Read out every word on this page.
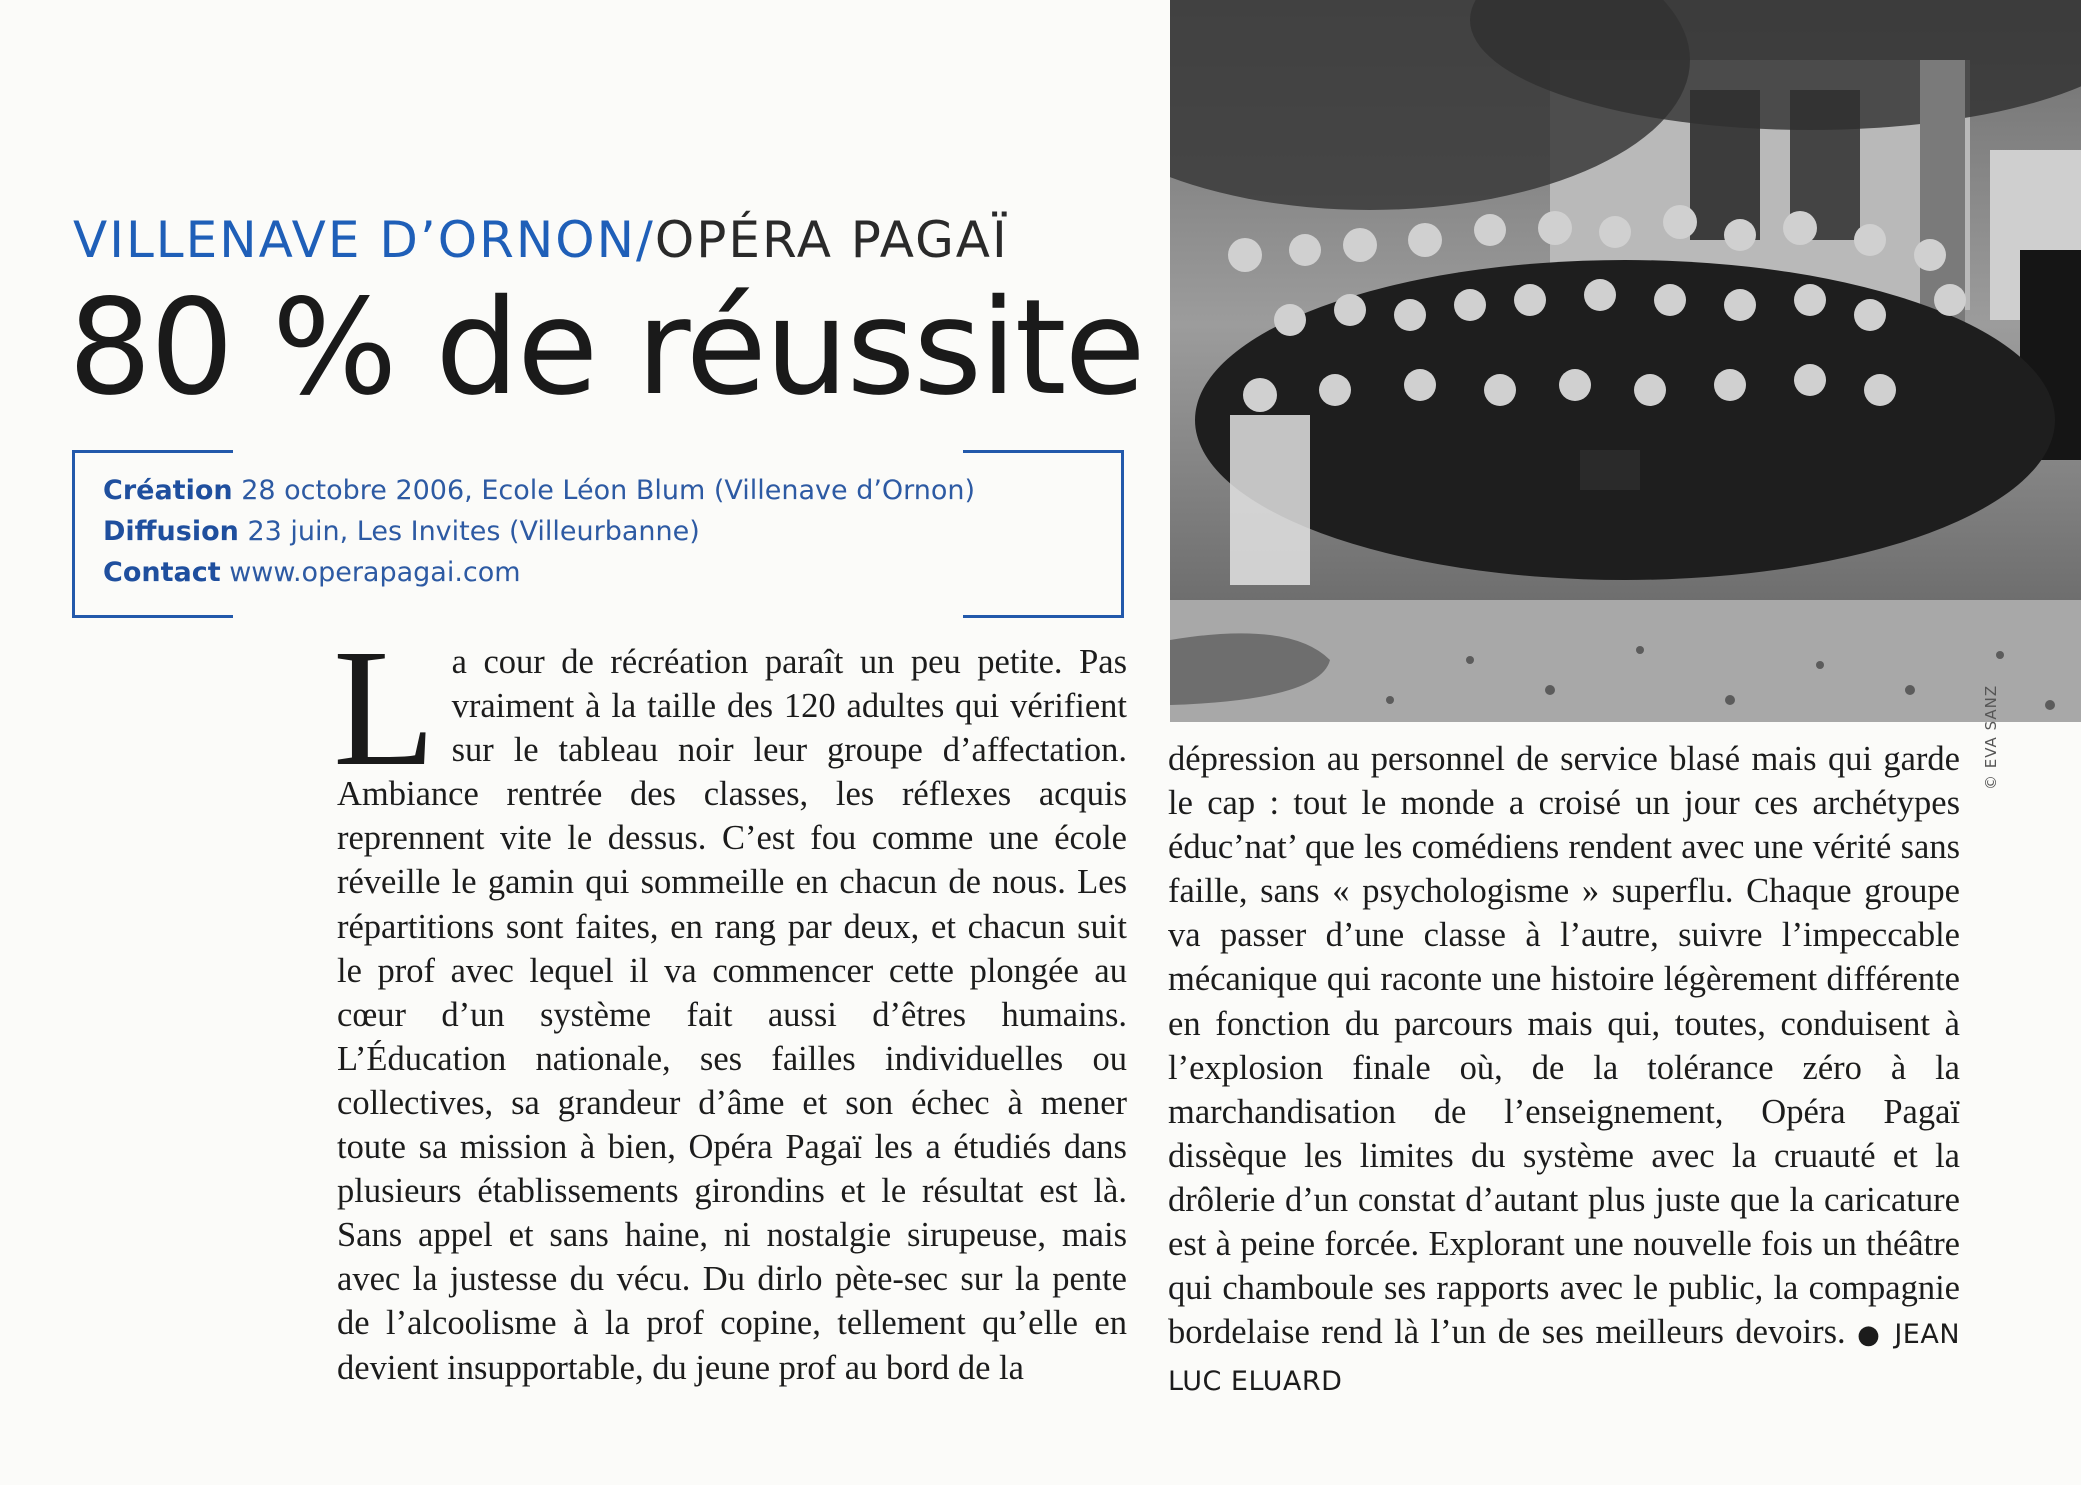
VILLENAVE D’ORNON/OPÉRA PAGAÏ
80 % de réussite
Création 28 octobre 2006, Ecole Léon Blum (Villenave d’Ornon)
Diffusion 23 juin, Les Invites (Villeurbanne)
Contact www.operapagai.com
La cour de récréation paraît un peu petite. Pas vraiment à la taille des 120 adultes qui vérifient sur le tableau noir leur groupe d’affectation. Ambiance rentrée des classes, les réflexes acquis reprennent vite le dessus. C’est fou comme une école réveille le gamin qui sommeille en chacun de nous. Les répartitions sont faites, en rang par deux, et chacun suit le prof avec lequel il va commencer cette plongée au cœur d’un système fait aussi d’êtres humains. L’Éducation nationale, ses failles individuelles ou collectives, sa grandeur d’âme et son échec à mener toute sa mission à bien, Opéra Pagaï les a étudiés dans plusieurs établissements girondins et le résultat est là. Sans appel et sans haine, ni nostalgie sirupeuse, mais avec la justesse du vécu. Du dirlo pète-sec sur la pente de l’alcoolisme à la prof copine, tellement qu’elle en devient insupportable, du jeune prof au bord de la
© EVA SANZ
dépression au personnel de service blasé mais qui garde le cap : tout le monde a croisé un jour ces archétypes éduc’nat’ que les comédiens rendent avec une vérité sans faille, sans « psychologisme » superflu. Chaque groupe va passer d’une classe à l’autre, suivre l’impeccable mécanique qui raconte une histoire légèrement différente en fonction du parcours mais qui, toutes, conduisent à l’explosion finale où, de la tolérance zéro à la marchandisation de l’enseignement, Opéra Pagaï dissèque les limites du système avec la cruauté et la drôlerie d’un constat d’autant plus juste que la caricature est à peine forcée. Explorant une nouvelle fois un théâtre qui chamboule ses rapports avec le public, la compagnie bordelaise rend là l’un de ses meilleurs devoirs. ● JEAN LUC ELUARD
